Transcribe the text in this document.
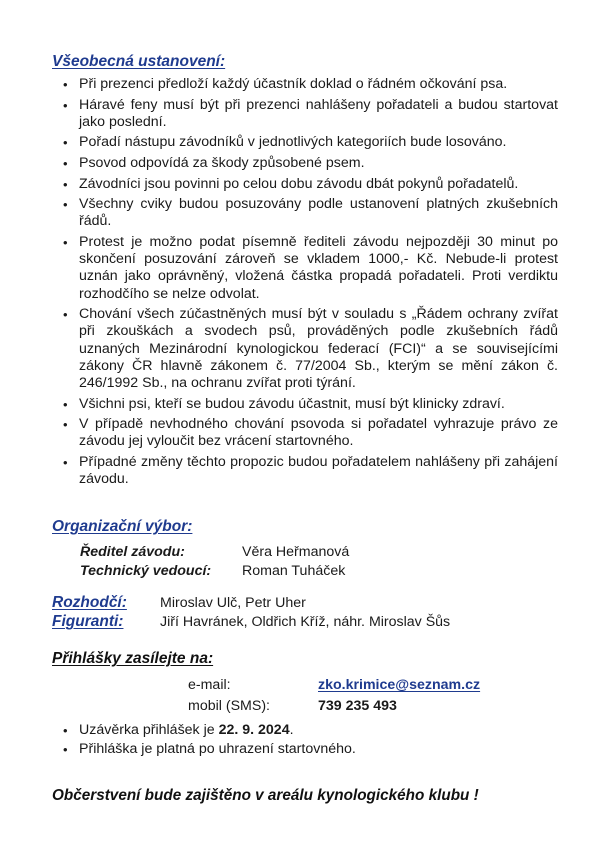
Všeobecná ustanovení:
• Při prezenci předloží každý účastník doklad o řádném očkování psa.
• Háravé feny musí být při prezenci nahlášeny pořadateli a budou startovat jako poslední.
• Pořadí nástupu závodníků v jednotlivých kategoriích bude losováno.
• Psovod odpovídá za škody způsobené psem.
• Závodníci jsou povinni po celou dobu závodu dbát pokynů pořadatelů.
• Všechny cviky budou posuzovány podle ustanovení platných zkušebních řádů.
• Protest je možno podat písemně řediteli závodu nejpozději 30 minut po skončení posuzování zároveň se vkladem 1000,- Kč. Nebude-li protest uznán jako oprávněný, vložená částka propadá pořadateli. Proti verdiktu rozhodčího se nelze odvolat.
• Chování všech zúčastněných musí být v souladu s „Řádem ochrany zvířat při zkouškách a svodech psů, prováděných podle zkušebních řádů uznaných Mezinárodní kynologickou federací (FCI)“ a se souvisejícími zákony ČR hlavně zákonem č. 77/2004 Sb., kterým se mění zákon č. 246/1992 Sb., na ochranu zvířat proti týrání.
• Všichni psi, kteří se budou závodu účastnit, musí být klinicky zdraví.
• V případě nevhodného chování psovoda si pořadatel vyhrazuje právo ze závodu jej vyloučit bez vrácení startovného.
• Případné změny těchto propozic budou pořadatelem nahlášeny při zahájení závodu.
Organizační výbor:
Ředitel závodu:	Věra Heřmanová
Technický vedoucí: Roman Tuháček
Rozhodčí: Miroslav Ulč, Petr Uher
Figuranti:	Jiří Havránek, Oldřich Kříž, náhr. Miroslav Šůs
Přihlášky zasílejte na:
e-mail:	zko.krimice@seznam.cz
mobil (SMS):	739 235 493
• Uzávěrka přihlášek je 22. 9. 2024.
• Přihláška je platná po uhrazení startovného.
Občerstvení bude zajištěno v areálu kynologického klubu !
